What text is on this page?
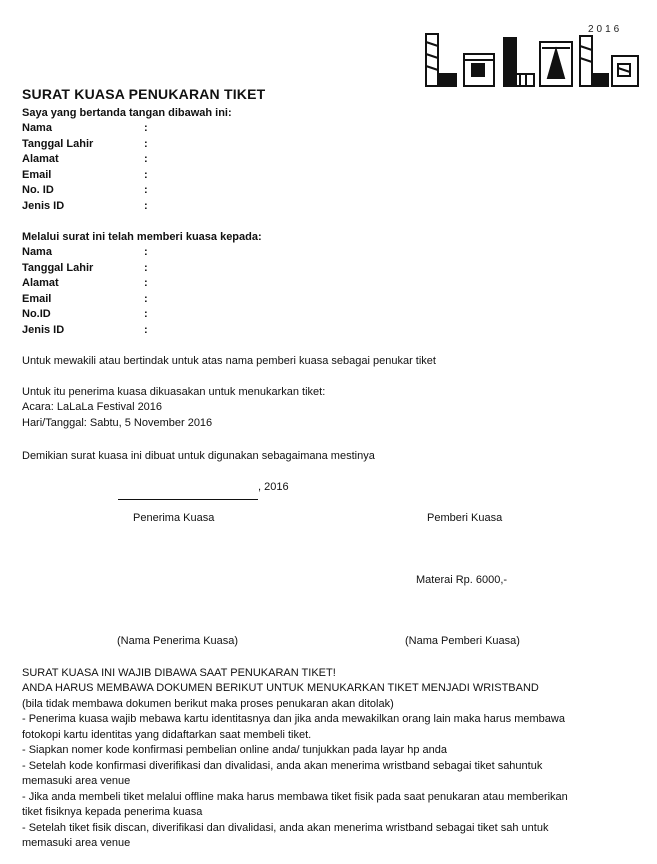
2016
SURAT KUASA PENUKARAN TIKET
Saya yang bertanda tangan dibawah ini:
Nama	:
Tanggal Lahir	:
Alamat	:
Email	:
No. ID	:
Jenis ID	:
Melalui surat ini telah memberi kuasa kepada:
Nama	:
Tanggal Lahir	:
Alamat	:
Email	:
No.ID	:
Jenis ID	:
Untuk mewakili atau bertindak untuk atas nama pemberi kuasa sebagai penukar tiket
Untuk itu penerima kuasa dikuasakan untuk menukarkan tiket:
Acara: LaLaLa Festival 2016
Hari/Tanggal: Sabtu, 5 November 2016
Demikian surat kuasa ini dibuat untuk digunakan sebagaimana mestinya
, 2016
Penerima Kuasa	Pemberi Kuasa
Materai Rp. 6000,-
(Nama Penerima Kuasa)	(Nama Pemberi Kuasa)
SURAT KUASA INI WAJIB DIBAWA SAAT PENUKARAN TIKET!
ANDA HARUS MEMBAWA DOKUMEN BERIKUT UNTUK MENUKARKAN TIKET MENJADI WRISTBAND
(bila tidak membawa dokumen berikut maka proses penukaran akan ditolak)
- Penerima kuasa wajib mebawa kartu identitasnya dan jika anda mewakilkan orang lain maka harus membawa
fotokopi kartu identitas yang didaftarkan saat membeli tiket.
- Siapkan nomer kode konfirmasi pembelian online anda/ tunjukkan pada layar hp anda
- Setelah kode konfirmasi diverifikasi dan divalidasi, anda akan menerima wristband sebagai tiket sahuntuk
memasuki area venue
- Jika anda membeli tiket melalui offline maka harus membawa tiket fisik pada saat penukaran atau memberikan
tiket fisiknya kepada penerima kuasa
- Setelah tiket fisik discan, diverifikasi dan divalidasi, anda akan menerima wristband sebagai tiket sah untuk
memasuki area venue
